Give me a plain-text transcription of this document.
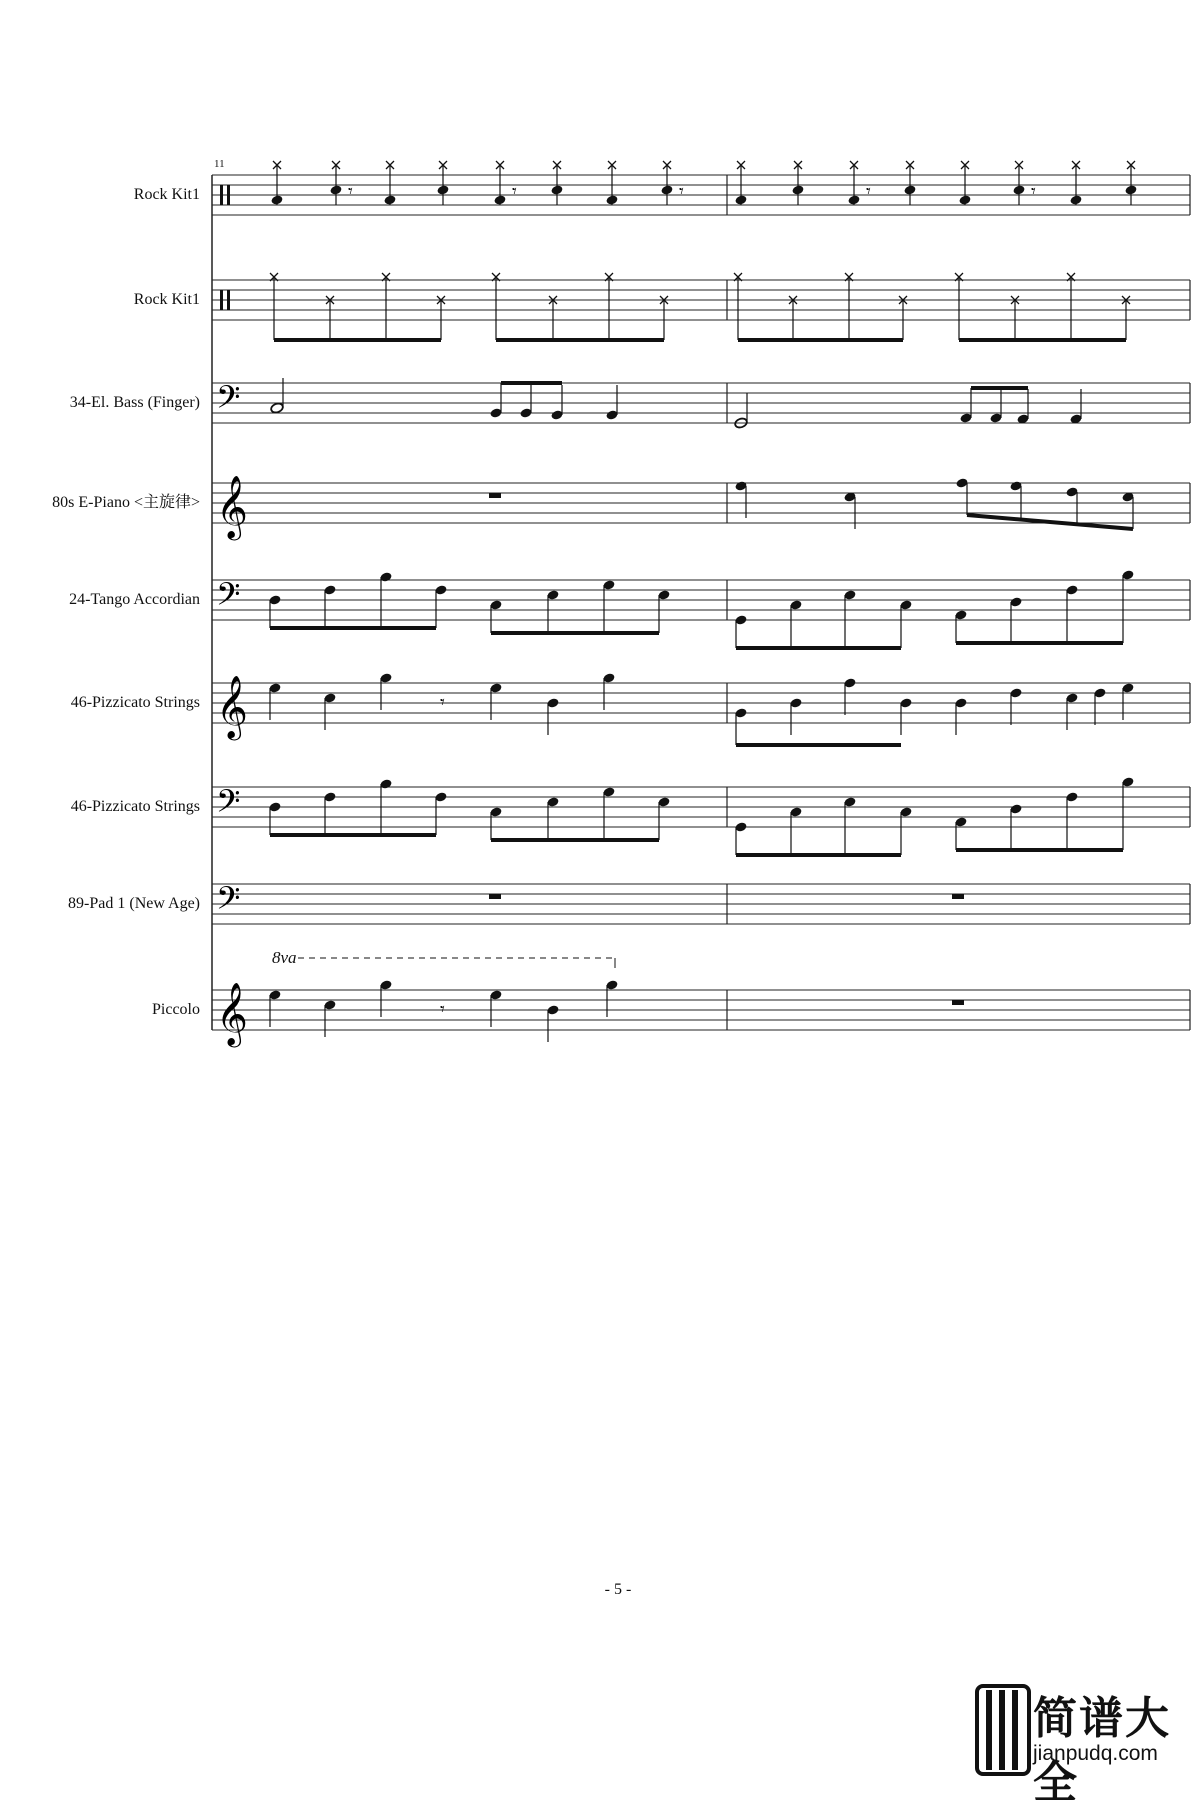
𝄢
𝄞
𝄢
𝄞
𝄢
𝄢
𝄞
𝄾	𝄾	𝄾	𝄾	𝄾
𝄾
𝄾
Rock Kit1
Rock Kit1
34-El. Bass (Finger)
80s E-Piano <主旋律>
24-Tango Accordian
46-Pizzicato Strings
46-Pizzicato Strings
89-Pad 1 (New Age)
Piccolo
11
8va
- 5 -
简谱大全
jianpudq.com
